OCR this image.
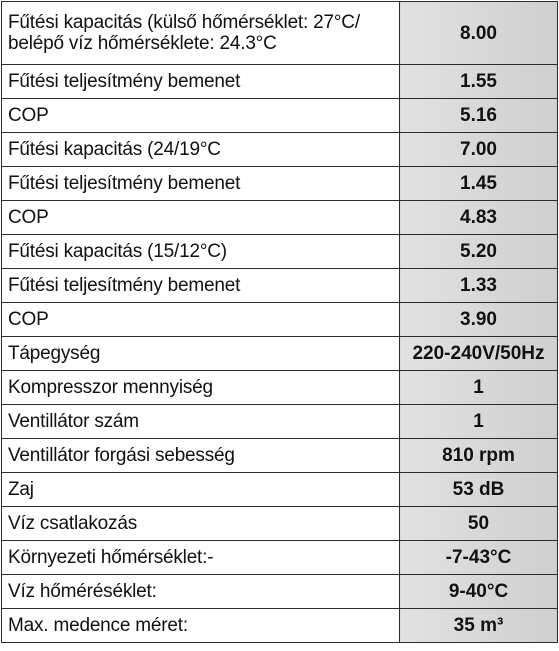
Fűtési kapacitás (külső hőmérséklet: 27°C/ belépő víz hőmérséklete: 24.3°C	8.00
Fűtési teljesítmény bemenet	1.55
COP	5.16
Fűtési kapacitás (24/19°C	7.00
Fűtési teljesítmény bemenet	1.45
COP	4.83
Fűtési kapacitás (15/12°C)	5.20
Fűtési teljesítmény bemenet	1.33
COP	3.90
Tápegység	220-240V/50Hz
Kompresszor mennyiség	1
Ventillátor szám	1
Ventillátor forgási sebesség	810 rpm
Zaj	53 dB
Víz csatlakozás	50
Környezeti hőmérséklet:-	-7-43°C
Víz hőméréséklet:	9-40°C
Max. medence méret:	35 m³
